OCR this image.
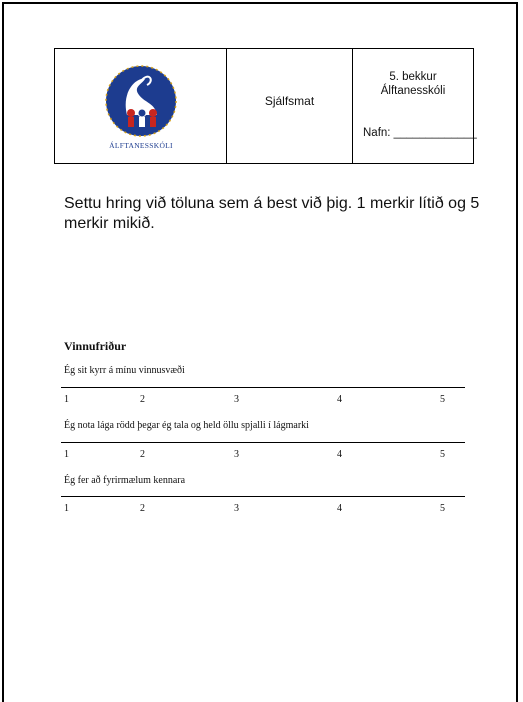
ÁLFTANESSKÓLI
Sjálfsmat
5. bekkur
Álftanesskóli
Nafn: _____________
Settu hring við töluna sem á best við þig. 1 merkir lítið og 5 merkir mikið.
Vinnufriður
Ég sit kyrr á mínu vinnusvæði
1	2	3	4	5
Ég nota lága rödd þegar ég tala og held öllu spjalli í lágmarki
1	2	3	4	5
Ég fer að fyrirmælum kennara
1	2	3	4	5
